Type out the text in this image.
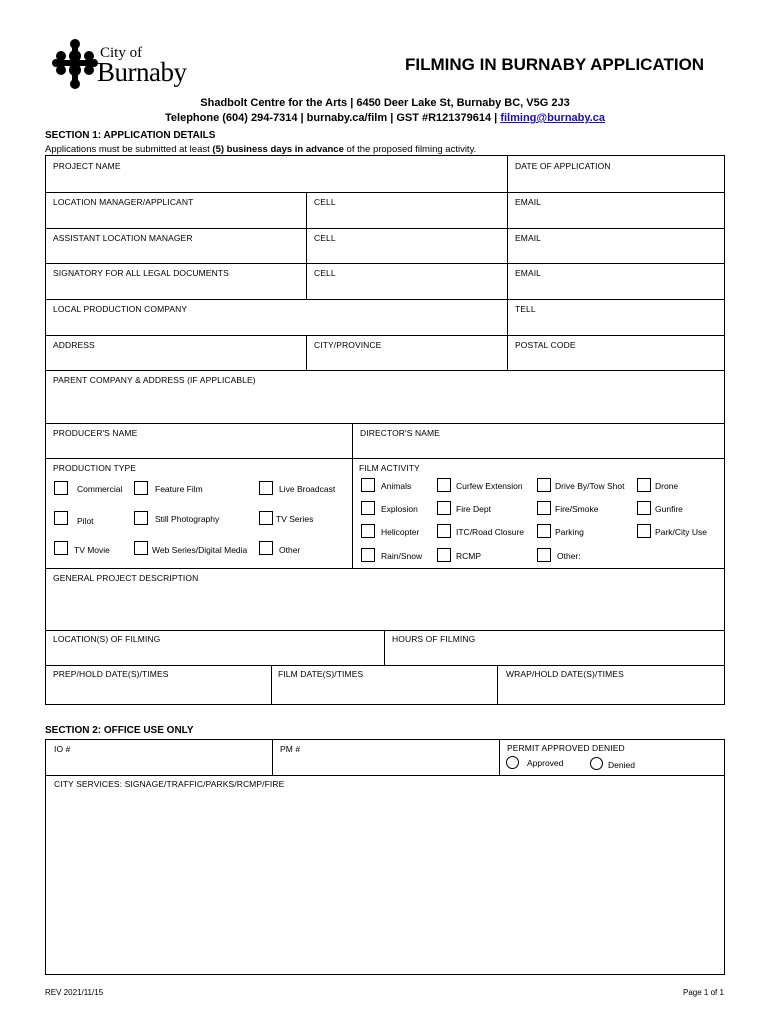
City of
Burnaby	FILMING IN BURNABY APPLICATION
Shadbolt Centre for the Arts | 6450 Deer Lake St, Burnaby BC, V5G 2J3
Telephone (604) 294-7314 | burnaby.ca/film | GST #R121379614 | filming@burnaby.ca
SECTION 1: APPLICATION DETAILS
Applications must be submitted at least (5) business days in advance of the proposed filming activity.
PROJECT NAME	DATE OF APPLICATION
LOCATION MANAGER/APPLICANT	CELL	EMAIL
ASSISTANT LOCATION MANAGER	CELL	EMAIL
SIGNATORY FOR ALL LEGAL DOCUMENTS	CELL	EMAIL
LOCAL PRODUCTION COMPANY	TELL
ADDRESS	CITY/PROVINCE	POSTAL CODE
PARENT COMPANY & ADDRESS (IF APPLICABLE)
PRODUCER'S NAME	DIRECTOR'S NAME
PRODUCTION TYPE	FILM ACTIVITY
Commercial	Feature Film	Live Broadcast
Pilot	Still Photography	TV Series
TV Movie	Web Series/Digital Media	Other
Animals	Curfew Extension	Drive By/Tow Shot	Drone
Explosion	Fire Dept	Fire/Smoke	Gunfire
Helicopter	ITC/Road Closure	Parking	Park/City Use
Rain/Snow	RCMP	Other:
GENERAL PROJECT DESCRIPTION
LOCATION(S) OF FILMING	HOURS OF FILMING
PREP/HOLD DATE(S)/TIMES	FILM DATE(S)/TIMES	WRAP/HOLD DATE(S)/TIMES
SECTION 2: OFFICE USE ONLY
IO #	PM #	PERMIT APPROVED DENIED
Approved	Denied
CITY SERVICES: SIGNAGE/TRAFFIC/PARKS/RCMP/FIRE
REV 2021/11/15	Page 1 of 1
